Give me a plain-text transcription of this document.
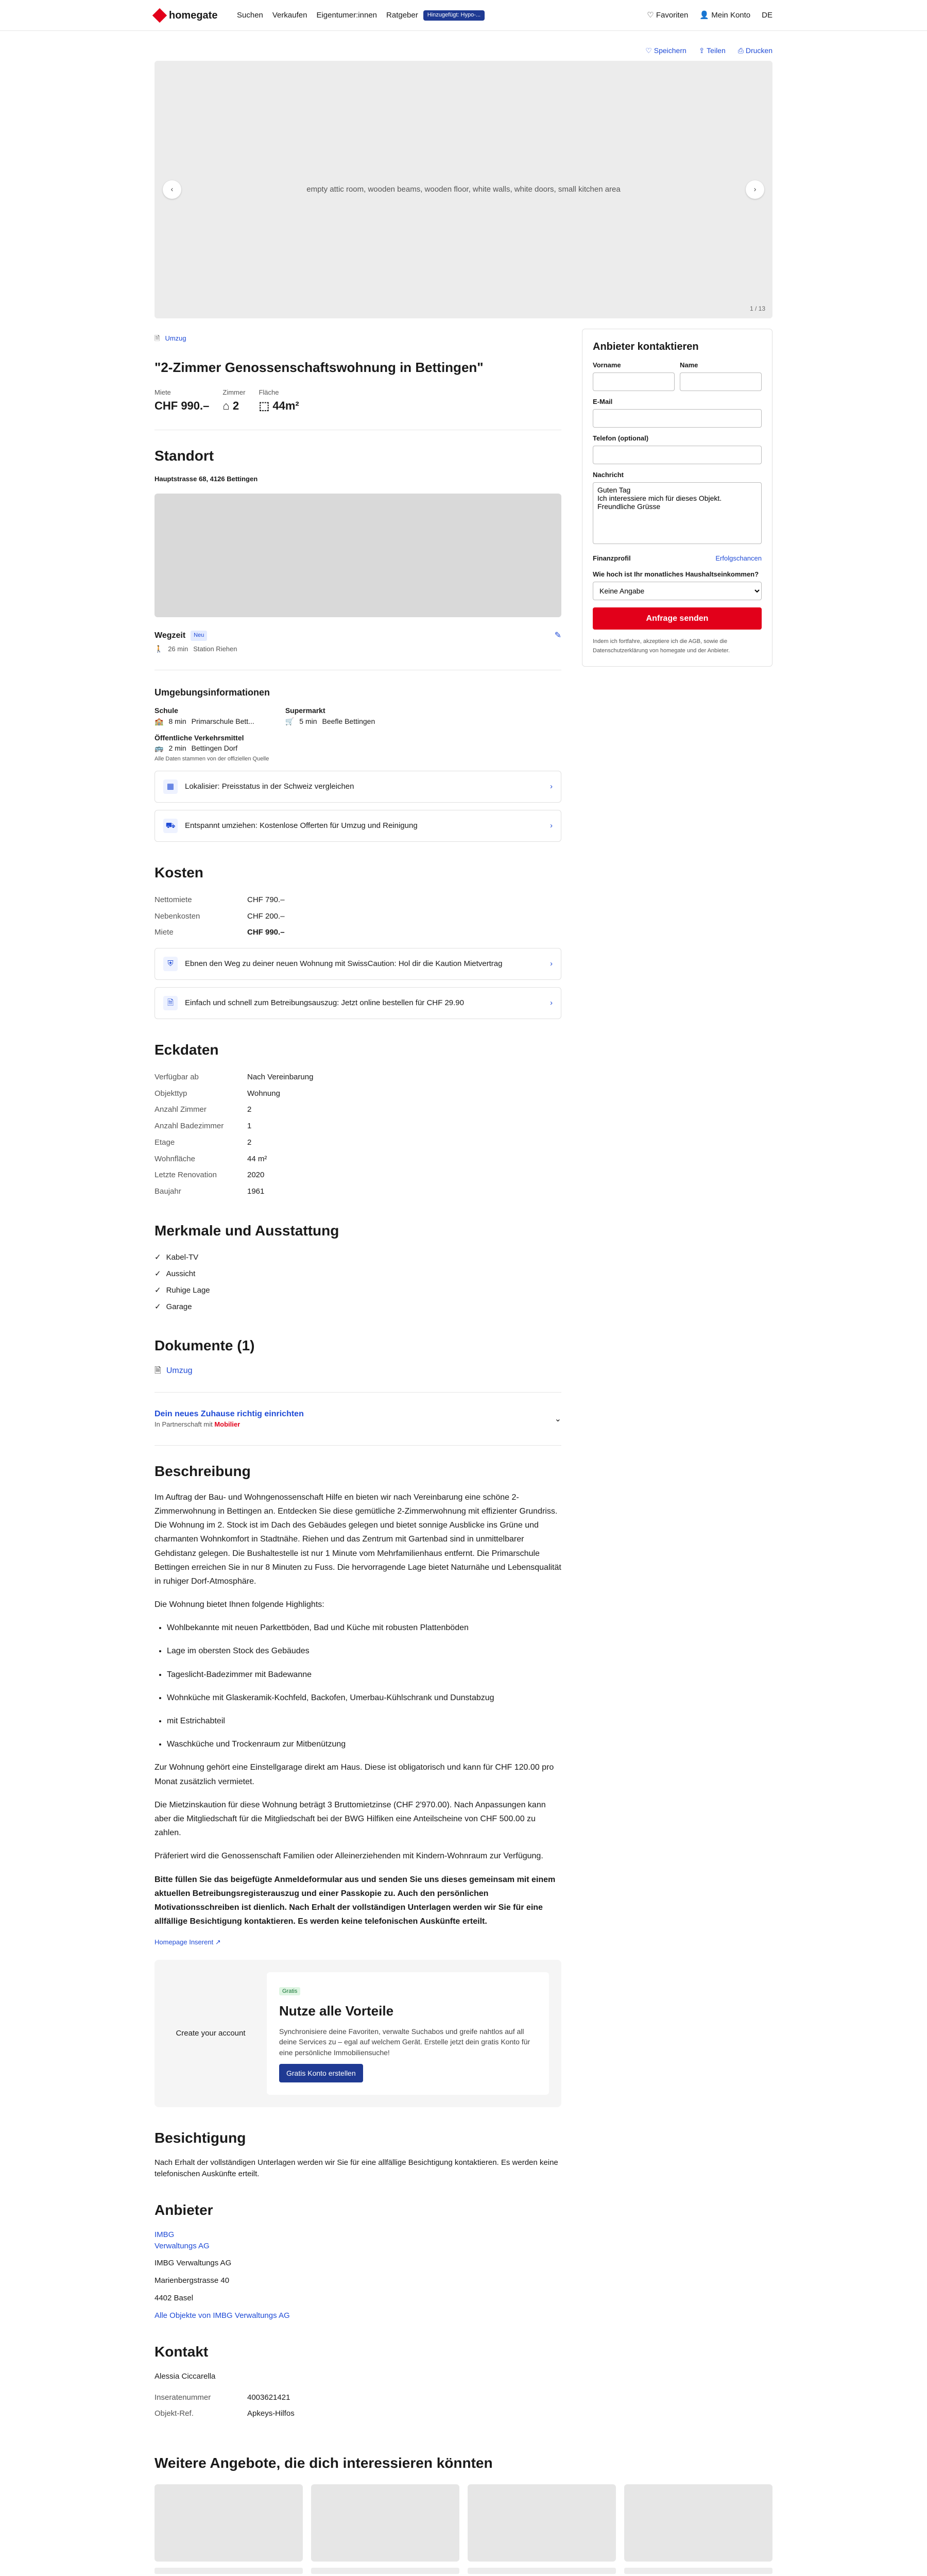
homegate	Suchen Verkaufen Eigentumer:innen Ratgeber	Hinzugefügt: Hypo-...	♡ Favoriten 👤 Mein Konto DE
♡ Speichern ⇪ Teilen ⎙ Drucken
‹	empty attic room, wooden beams, wooden floor, white walls, white doors, small kitchen area	›
1 / 13
🗎 Umzug
"2-Zimmer Genossenschaftswohnung in Bettingen"
Miete
CHF 990.–
Zimmer
⌂ 2
Fläche
⬚ 44m²
Standort
Hauptstrasse 68, 4126 Bettingen
Wegzeit	Neu	✎
🚶 26 min Station Riehen
Umgebungsinformationen
Schule
🏫 8 min Primarschule Bett...
Supermarkt
🛒 5 min Beefle Bettingen
Öffentliche Verkehrsmittel
🚌 2 min Bettingen Dorf
Alle Daten stammen von der offiziellen Quelle
▦	Lokalisier: Preisstatus in der Schweiz vergleichen	›
⛟	Entspannt umziehen: Kostenlose Offerten für Umzug und Reinigung	›
Kosten
Nettomiete	CHF 790.–
Nebenkosten	CHF 200.–
Miete	CHF 990.–
⛨	Ebnen den Weg zu deiner neuen Wohnung mit SwissCaution: Hol dir die Kaution Mietvertrag	›
🗎	Einfach und schnell zum Betreibungsauszug: Jetzt online bestellen für CHF 29.90	›
Eckdaten
Verfügbar ab	Nach Vereinbarung
Objekttyp	Wohnung
Anzahl Zimmer	2
Anzahl Badezimmer	1
Etage	2
Wohnfläche	44 m²
Letzte Renovation	2020
Baujahr	1961
Merkmale und Ausstattung
✓ Kabel-TV
✓ Aussicht
✓ Ruhige Lage
✓ Garage
Dokumente (1)
🗎 Umzug
Dein neues Zuhause richtig einrichten
In Partnerschaft mit Mobilier
⌄
Beschreibung

Im Auftrag der Bau- und Wohngenossenschaft Hilfe en bieten wir nach Vereinbarung eine schöne 2-Zimmerwohnung in Bettingen an. Entdecken Sie diese gemütliche 2-Zimmerwohnung mit effizienter Grundriss. Die Wohnung im 2. Stock ist im Dach des Gebäudes gelegen und bietet sonnige Ausblicke ins Grüne und charmanten Wohnkomfort in Stadtnähe. Riehen und das Zentrum mit Gartenbad sind in unmittelbarer Gehdistanz gelegen. Die Bushaltestelle ist nur 1 Minute vom Mehrfamilienhaus entfernt. Die Primarschule Bettingen erreichen Sie in nur 8 Minuten zu Fuss. Die hervorragende Lage bietet Naturnähe und Lebensqualität in ruhiger Dorf-Atmosphäre.

Die Wohnung bietet Ihnen folgende Highlights:

• Wohlbekannte mit neuen Parkettböden, Bad und Küche mit robusten Plattenböden
• Lage im obersten Stock des Gebäudes
• Tageslicht-Badezimmer mit Badewanne
• Wohnküche mit Glaskeramik-Kochfeld, Backofen, Umerbau-Kühlschrank und Dunstabzug
• mit Estrichabteil
• Waschküche und Trockenraum zur Mitbenützung

Zur Wohnung gehört eine Einstellgarage direkt am Haus. Diese ist obligatorisch und kann für CHF 120.00 pro Monat zusätzlich vermietet.

Die Mietzinskaution für diese Wohnung beträgt 3 Bruttomietzinse (CHF 2'970.00). Nach Anpassungen kann aber die Mitgliedschaft für die Mitgliedschaft bei der BWG Hilfiken eine Anteilscheine von CHF 500.00 zu zahlen.

Präferiert wird die Genossenschaft Familien oder Alleinerziehenden mit Kindern-Wohnraum zur Verfügung.

Bitte füllen Sie das beigefügte Anmeldeformular aus und senden Sie uns dieses gemeinsam mit einem aktuellen Betreibungsregisterauszug und einer Passkopie zu. Auch den persönlichen Motivationsschreiben ist dienlich. Nach Erhalt der vollständigen Unterlagen werden wir Sie für eine allfällige Besichtigung kontaktieren. Es werden keine telefonischen Auskünfte erteilt.

Homepage Inserent ↗
Create your account
Gratis
Nutze alle Vorteile

Synchronisiere deine Favoriten, verwalte Suchabos und greife nahtlos auf all deine Services zu – egal auf welchem Gerät. Erstelle jetzt dein gratis Konto für eine persönliche Immobiliensuche!

Gratis Konto erstellen
Besichtigung

Nach Erhalt der vollständigen Unterlagen werden wir Sie für eine allfällige Besichtigung kontaktieren. Es werden keine telefonischen Auskünfte erteilt.

Anbieter
IMBG
Verwaltungs AG
IMBG Verwaltungs AG
Marienbergstrasse 40
4402 Basel
Alle Objekte von IMBG Verwaltungs AG
Kontakt
Alessia Ciccarella
Inseratenummer	4003621421
Objekt-Ref.	Apkeys-Hilfos
Anbieter kontaktieren
Vorname	Name
E-Mail
Telefon (optional)
Nachricht
Guten Tag Ich interessiere mich für dieses Objekt. Freundliche Grüsse
Finanzprofil	Erfolgschancen
Wie hoch ist Ihr monatliches Haushaltseinkommen?
Keine Angabe
Anfrage senden

Indem ich fortfahre, akzeptiere ich die AGB, sowie die Datenschutzerklärung von homegate und der Anbieter.

Weitere Angebote, die dich interessieren könnten
